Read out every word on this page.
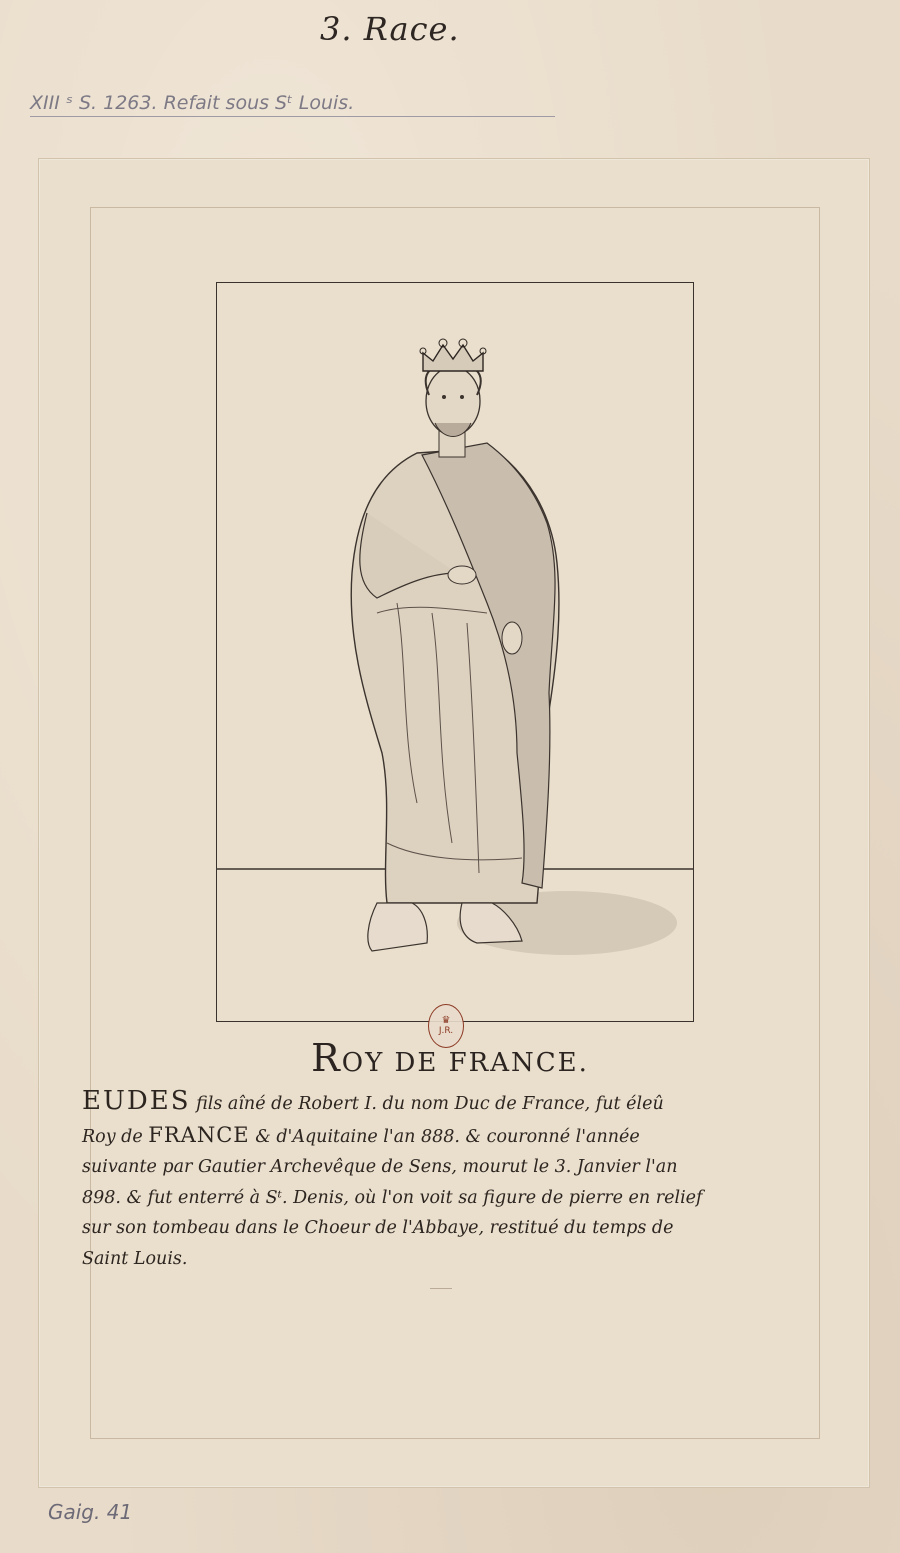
3. Race.
XIII ˢ S. 1263. Refait sous Sᵗ Louis.
♛
J.R.
ROY DE FRANCE.
EUDES fils aîné de Robert I. du nom Duc de France, fut éleû
Roy de FRANCE & d'Aquitaine l'an 888. & couronné l'année
suivante par Gautier Archevêque de Sens, mourut le 3. Janvier l'an
898. & fut enterré à Sᵗ. Denis, où l'on voit sa figure de pierre en relief
sur son tombeau dans le Choeur de l'Abbaye, restitué du temps de
Saint Louis.
Gaig. 41
